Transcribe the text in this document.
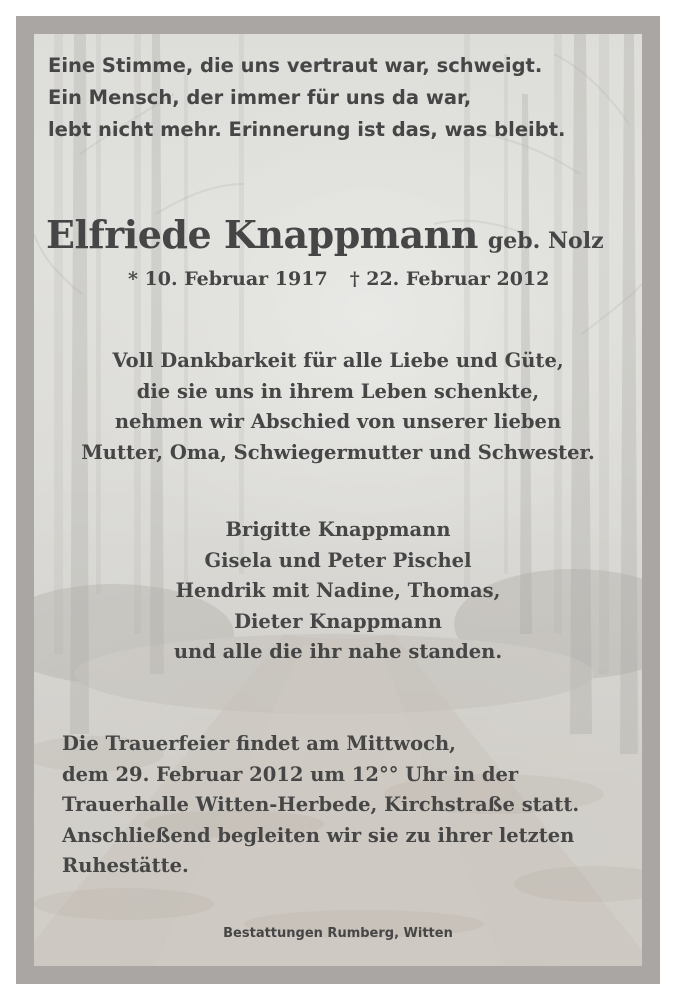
Eine Stimme, die uns vertraut war, schweigt.
Ein Mensch, der immer für uns da war,
lebt nicht mehr. Erinnerung ist das, was bleibt.
Elfriede Knappmann geb. Nolz
* 10. Februar 1917 † 22. Februar 2012
Voll Dankbarkeit für alle Liebe und Güte,
die sie uns in ihrem Leben schenkte,
nehmen wir Abschied von unserer lieben
Mutter, Oma, Schwiegermutter und Schwester.
Brigitte Knappmann
Gisela und Peter Pischel
Hendrik mit Nadine, Thomas,
Dieter Knappmann
und alle die ihr nahe standen.
Die Trauerfeier findet am Mittwoch,
dem 29. Februar 2012 um 12°° Uhr in der
Trauerhalle Witten-Herbede, Kirchstraße statt.
Anschließend begleiten wir sie zu ihrer letzten
Ruhestätte.
Bestattungen Rumberg, Witten
